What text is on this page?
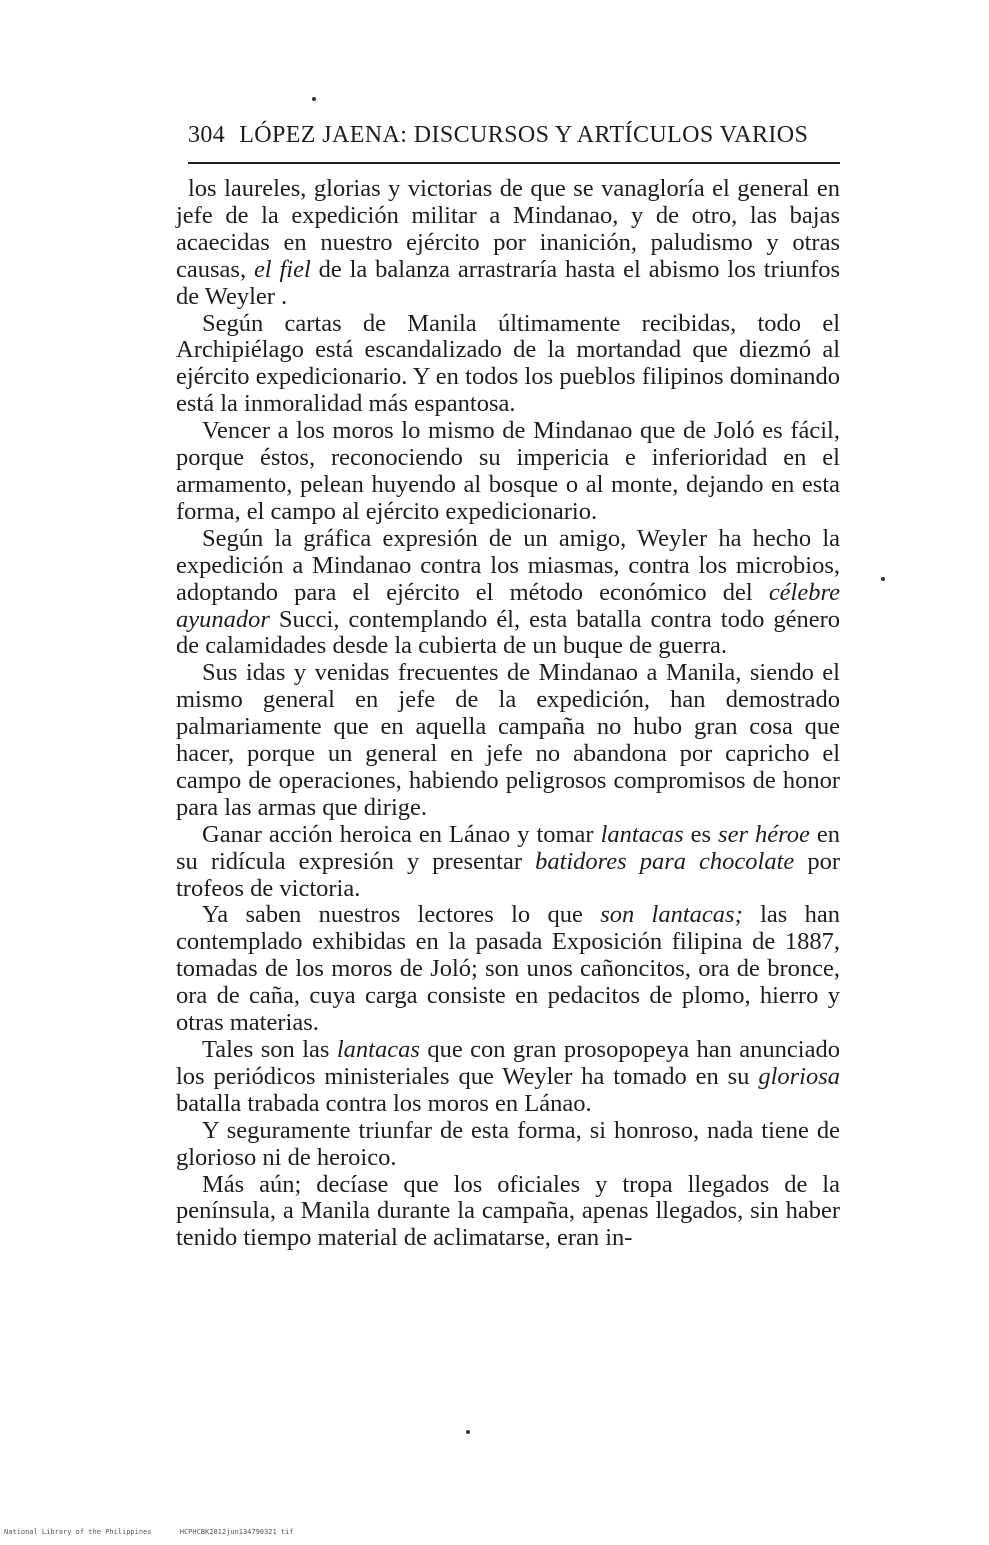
304 LÓPEZ JAENA: DISCURSOS Y ARTÍCULOS VARIOS

los laureles, glorias y victorias de que se vanagloría el general en jefe de la expedición militar a Mindanao, y de otro, las bajas acaecidas en nuestro ejército por inanición, paludismo y otras causas, el fiel de la balanza arrastraría hasta el abismo los triunfos de Weyler .

Según cartas de Manila últimamente recibidas, todo el Archipiélago está escandalizado de la mortandad que diezmó al ejército expedicionario. Y en todos los pueblos filipinos dominando está la inmoralidad más espantosa.

Vencer a los moros lo mismo de Mindanao que de Joló es fácil, porque éstos, reconociendo su impericia e inferioridad en el armamento, pelean huyendo al bosque o al monte, dejando en esta forma, el campo al ejército expedicionario.

Según la gráfica expresión de un amigo, Weyler ha hecho la expedición a Mindanao contra los miasmas, contra los microbios, adoptando para el ejército el método económico del célebre ayunador Succi, contemplando él, esta batalla contra todo género de calamidades desde la cubierta de un buque de guerra.

Sus idas y venidas frecuentes de Mindanao a Manila, siendo el mismo general en jefe de la expedición, han demostrado palmariamente que en aquella campaña no hubo gran cosa que hacer, porque un general en jefe no abandona por capricho el campo de operaciones, habiendo peligrosos compromisos de honor para las armas que dirige.

Ganar acción heroica en Lánao y tomar lantacas es ser héroe en su ridícula expresión y presentar batidores para chocolate por trofeos de victoria.

Ya saben nuestros lectores lo que son lantacas; las han contemplado exhibidas en la pasada Exposición filipina de 1887, tomadas de los moros de Joló; son unos cañoncitos, ora de bronce, ora de caña, cuya carga consiste en pedacitos de plomo, hierro y otras materias.

Tales son las lantacas que con gran prosopopeya han anunciado los periódicos ministeriales que Weyler ha tomado en su gloriosa batalla trabada contra los moros en Lánao.

Y seguramente triunfar de esta forma, si honroso, nada tiene de glorioso ni de heroico.

Más aún; decíase que los oficiales y tropa llegados de la península, a Manila durante la campaña, apenas llegados, sin haber tenido tiempo material de aclimatarse, eran in-

National Library of the Philippines	HCPHCBK2012jun134790321 tif
